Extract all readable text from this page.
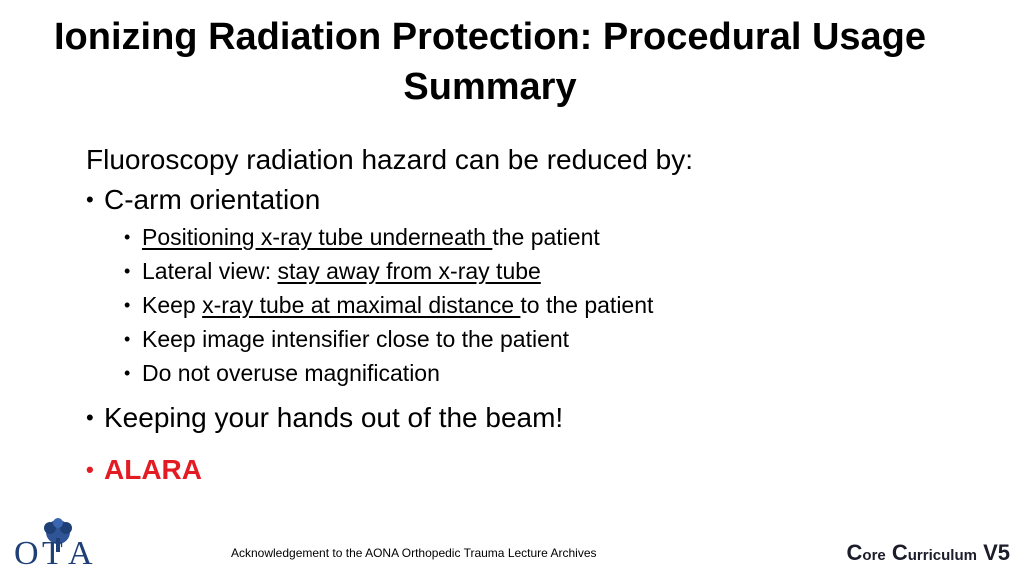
Ionizing Radiation Protection: Procedural Usage Summary

Fluoroscopy radiation hazard can be reduced by:

• C-arm orientation
• Positioning x-ray tube underneath the patient
• Lateral view: stay away from x-ray tube
• Keep x-ray tube at maximal distance to the patient
• Keep image intensifier close to the patient
• Do not overuse magnification
• Keeping your hands out of the beam!
• ALARA
O T A	Acknowledgement to the AONA Orthopedic Trauma Lecture Archives	Core Curriculum V5
